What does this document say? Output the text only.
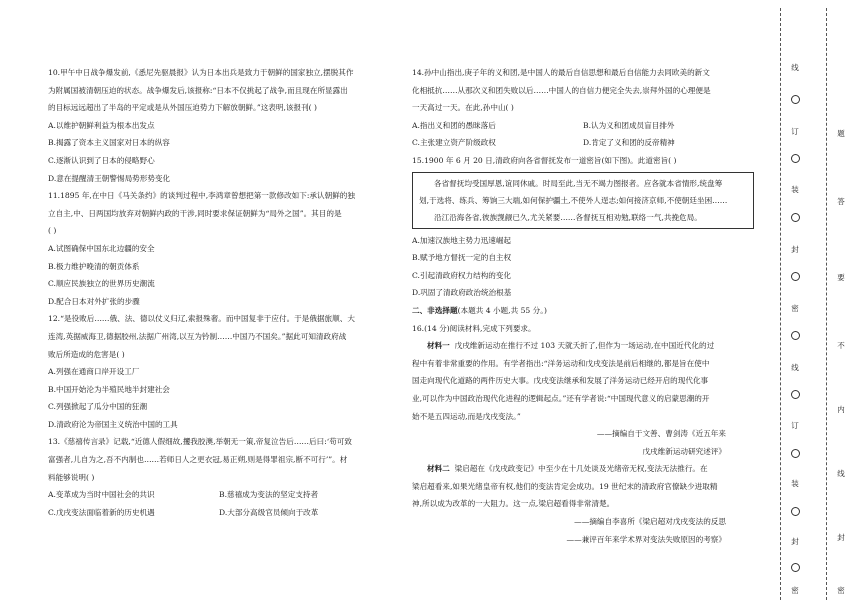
10.甲午中日战争爆发前,《悉尼先驱晨报》认为日本出兵是致力于朝鲜的国家独立,摆脱其作
为附属国被清朝压迫的状态。战争爆发后,该报称:“日本不仅挑起了战争,而且现在所显露出
的目标远远超出了半岛的平定或是从外国压迫势力下解放朝鲜。”这表明,该报刊( )
A.以维护朝鲜利益为根本出发点
B.揭露了资本主义国家对日本的纵容
C.逐渐认识到了日本的侵略野心
D.意在提醒清王朝警惕局势形势变化
11.1895 年,在中日《马关条约》的谈判过程中,李鸿章曾想把第一款修改如下:承认朝鲜的独
立自主,中、日两国均放弃对朝鲜内政的干涉,同时要求保证朝鲜为“局外之国”。其目的是
( )
A.试图确保中国东北边疆的安全
B.极力维护晚清的朝贡体系
C.顺应民族独立的世界历史潮流
D.配合日本对外扩张的步骤
12.“是役败后……俄、法、德以仗义归辽,索报殊奢。而中国复非于应付。于是俄据旅顺、大
连湾,英据威海卫,德据胶州,法据广州湾,以互为钤制……中国乃不国矣。”据此可知清政府战
败后所造成的危害是( )
A.列强在通商口岸开设工厂
B.中国开始沦为半殖民地半封建社会
C.列强掀起了瓜分中国的狂潮
D.清政府沦为帝国主义统治中国的工具
13.《慈禧传言录》记载,“近德人假细故,攫我胶澳,举朝无一策,帝复泣告后……后曰:‘苟可致
富强者,儿自为之,吾不内制也……若师日人之更衣冠,易正朔,则是得罪祖宗,断不可行’”。材
料能够说明( )
A.变革成为当时中国社会的共识	B.慈禧成为变法的坚定支持者
C.戊戌变法面临着新的历史机遇	D.大部分高级官员倾向于改革
14.孙中山指出,庚子年的义和团,是中国人的最后自信思想和最后自信能力去同欧美的新文
化相抵抗……从那次义和团失败以后……中国人的自信力便完全失去,崇拜外国的心理便是
一天高过一天。在此,孙中山( )
A.指出义和团的愚昧落后	B.认为义和团成员盲目排外
C.主张建立资产阶级政权	D.肯定了义和团的反帝精神
15.1900 年 6 月 20 日,清政府向各省督抚发布一道密旨(如下图)。此道密旨( )
各省督抚均受国厚恩,谊同休戚。时局至此,当无不竭力图报者。应各就本省情形,统盘筹
划,于选将、练兵、筹饷三大端,如何保护疆土,不使外人逞志;如何接济京师,不使朝廷坐困……
沿江沿海各省,彼族觊觎已久,尤关紧要……各督抚互相劝勉,联络一气,共挽危局。
A.加速汉族地主势力迅速崛起
B.赋予地方督抚一定的自主权
C.引起清政府权力结构的变化
D.巩固了清政府政治统治根基
二、非选择题(本题共 4 小题,共 55 分。)
16.(14 分)阅读材料,完成下列要求。
材料一 戊戌维新运动在推行不过 103 天就夭折了,但作为一场运动,在中国近代化的过
程中有着非常重要的作用。有学者指出:“洋务运动和戊戌变法是前后相继的,都是旨在使中
国走向现代化道路的两件历史大事。戊戌变法继承和发展了洋务运动已经开启的现代化事
业,可以作为中国政治现代化进程的逻辑起点。”还有学者说:“中国现代意义的启蒙思潮的开
始不是五四运动,而是戊戌变法。”
——摘编自于文善、曹剑涛《近五年来
戊戌维新运动研究述评》
材料二 梁启超在《戊戌政变记》中至少在十几处谈及光绪帝无权,变法无法推行。在
梁启超看来,如果光绪皇帝有权,他们的变法肯定会成功。19 世纪末的清政府官僚缺少进取精
神,所以成为改革的一大阻力。这一点,梁启超看得非常清楚。
——摘编自李喜所《梁启超对戊戌变法的反思
——兼评百年来学术界对变法失败原因的考察》
线
订
装
封
密
线
订
装
封
密
题
答
要
不
内
线
封
密
